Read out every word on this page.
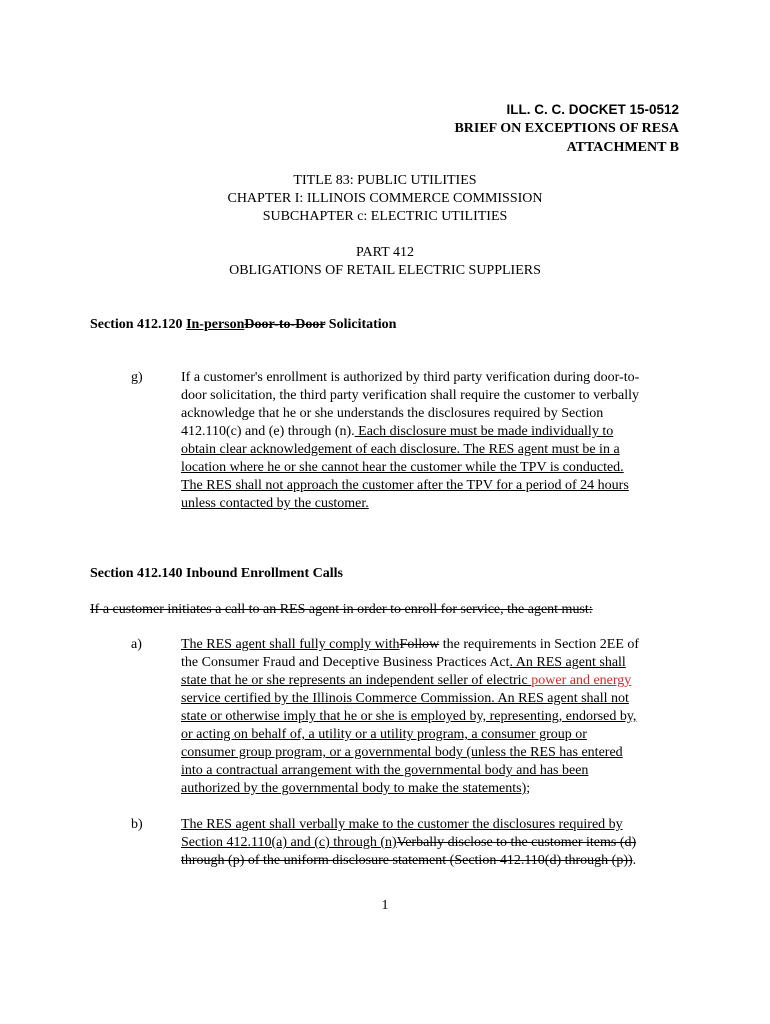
ILL. C. C. DOCKET 15-0512
BRIEF ON EXCEPTIONS OF RESA
ATTACHMENT B
TITLE 83: PUBLIC UTILITIES
CHAPTER I: ILLINOIS COMMERCE COMMISSION
SUBCHAPTER c: ELECTRIC UTILITIES
PART 412
OBLIGATIONS OF RETAIL ELECTRIC SUPPLIERS
Section 412.120 In-personDoor-to-Door Solicitation
g)	If a customer's enrollment is authorized by third party verification during door-to-
door solicitation, the third party verification shall require the customer to verbally
acknowledge that he or she understands the disclosures required by Section
412.110(c) and (e) through (n). Each disclosure must be made individually to
obtain clear acknowledgement of each disclosure. The RES agent must be in a
location where he or she cannot hear the customer while the TPV is conducted.
The RES shall not approach the customer after the TPV for a period of 24 hours
unless contacted by the customer.
Section 412.140 Inbound Enrollment Calls
If a customer initiates a call to an RES agent in order to enroll for service, the agent must:
a)	The RES agent shall fully comply withFollow the requirements in Section 2EE of
the Consumer Fraud and Deceptive Business Practices Act. An RES agent shall
state that he or she represents an independent seller of electric power and energy
service certified by the Illinois Commerce Commission. An RES agent shall not
state or otherwise imply that he or she is employed by, representing, endorsed by,
or acting on behalf of, a utility or a utility program, a consumer group or
consumer group program, or a governmental body (unless the RES has entered
into a contractual arrangement with the governmental body and has been
authorized by the governmental body to make the statements);
b)	The RES agent shall verbally make to the customer the disclosures required by
Section 412.110(a) and (c) through (n)Verbally disclose to the customer items (d)
through (p) of the uniform disclosure statement (Section 412.110(d) through (p)).
1
